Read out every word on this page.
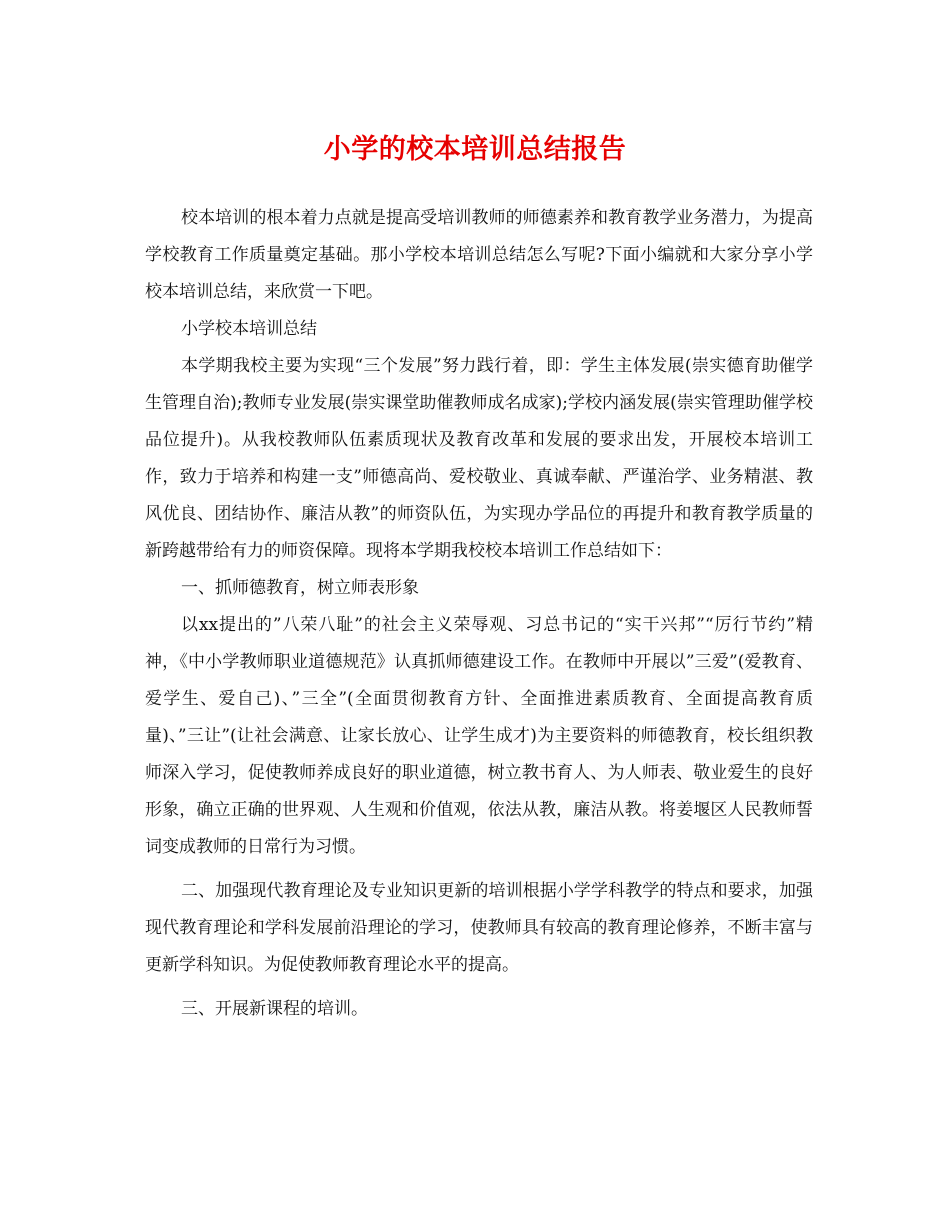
小学的校本培训总结报告

校本培训的根本着力点就是提高受培训教师的师德素养和教育教学业务潜力，为提高学校教育工作质量奠定基础。那小学校本培训总结怎么写呢?下面小编就和大家分享小学校本培训总结，来欣赏一下吧。

小学校本培训总结

本学期我校主要为实现“三个发展”努力践行着，即：学生主体发展(崇实德育助催学生管理自治);教师专业发展(崇实课堂助催教师成名成家);学校内涵发展(崇实管理助催学校品位提升)。从我校教师队伍素质现状及教育改革和发展的要求出发，开展校本培训工作，致力于培养和构建一支”师德高尚、爱校敬业、真诚奉献、严谨治学、业务精湛、教风优良、团结协作、廉洁从教”的师资队伍，为实现办学品位的再提升和教育教学质量的新跨越带给有力的师资保障。现将本学期我校校本培训工作总结如下：

一、抓师德教育，树立师表形象

以xx提出的”八荣八耻”的社会主义荣辱观、习总书记的“实干兴邦”“厉行节约”精神，《中小学教师职业道德规范》认真抓师德建设工作。在教师中开展以”三爱”(爱教育、爱学生、爱自己)、”三全”(全面贯彻教育方针、全面推进素质教育、全面提高教育质量)、”三让”(让社会满意、让家长放心、让学生成才)为主要资料的师德教育，校长组织教师深入学习，促使教师养成良好的职业道德，树立教书育人、为人师表、敬业爱生的良好形象，确立正确的世界观、人生观和价值观，依法从教，廉洁从教。将姜堰区人民教师誓词变成教师的日常行为习惯。

二、加强现代教育理论及专业知识更新的培训根据小学学科教学的特点和要求，加强现代教育理论和学科发展前沿理论的学习，使教师具有较高的教育理论修养，不断丰富与更新学科知识。为促使教师教育理论水平的提高。

三、开展新课程的培训。
